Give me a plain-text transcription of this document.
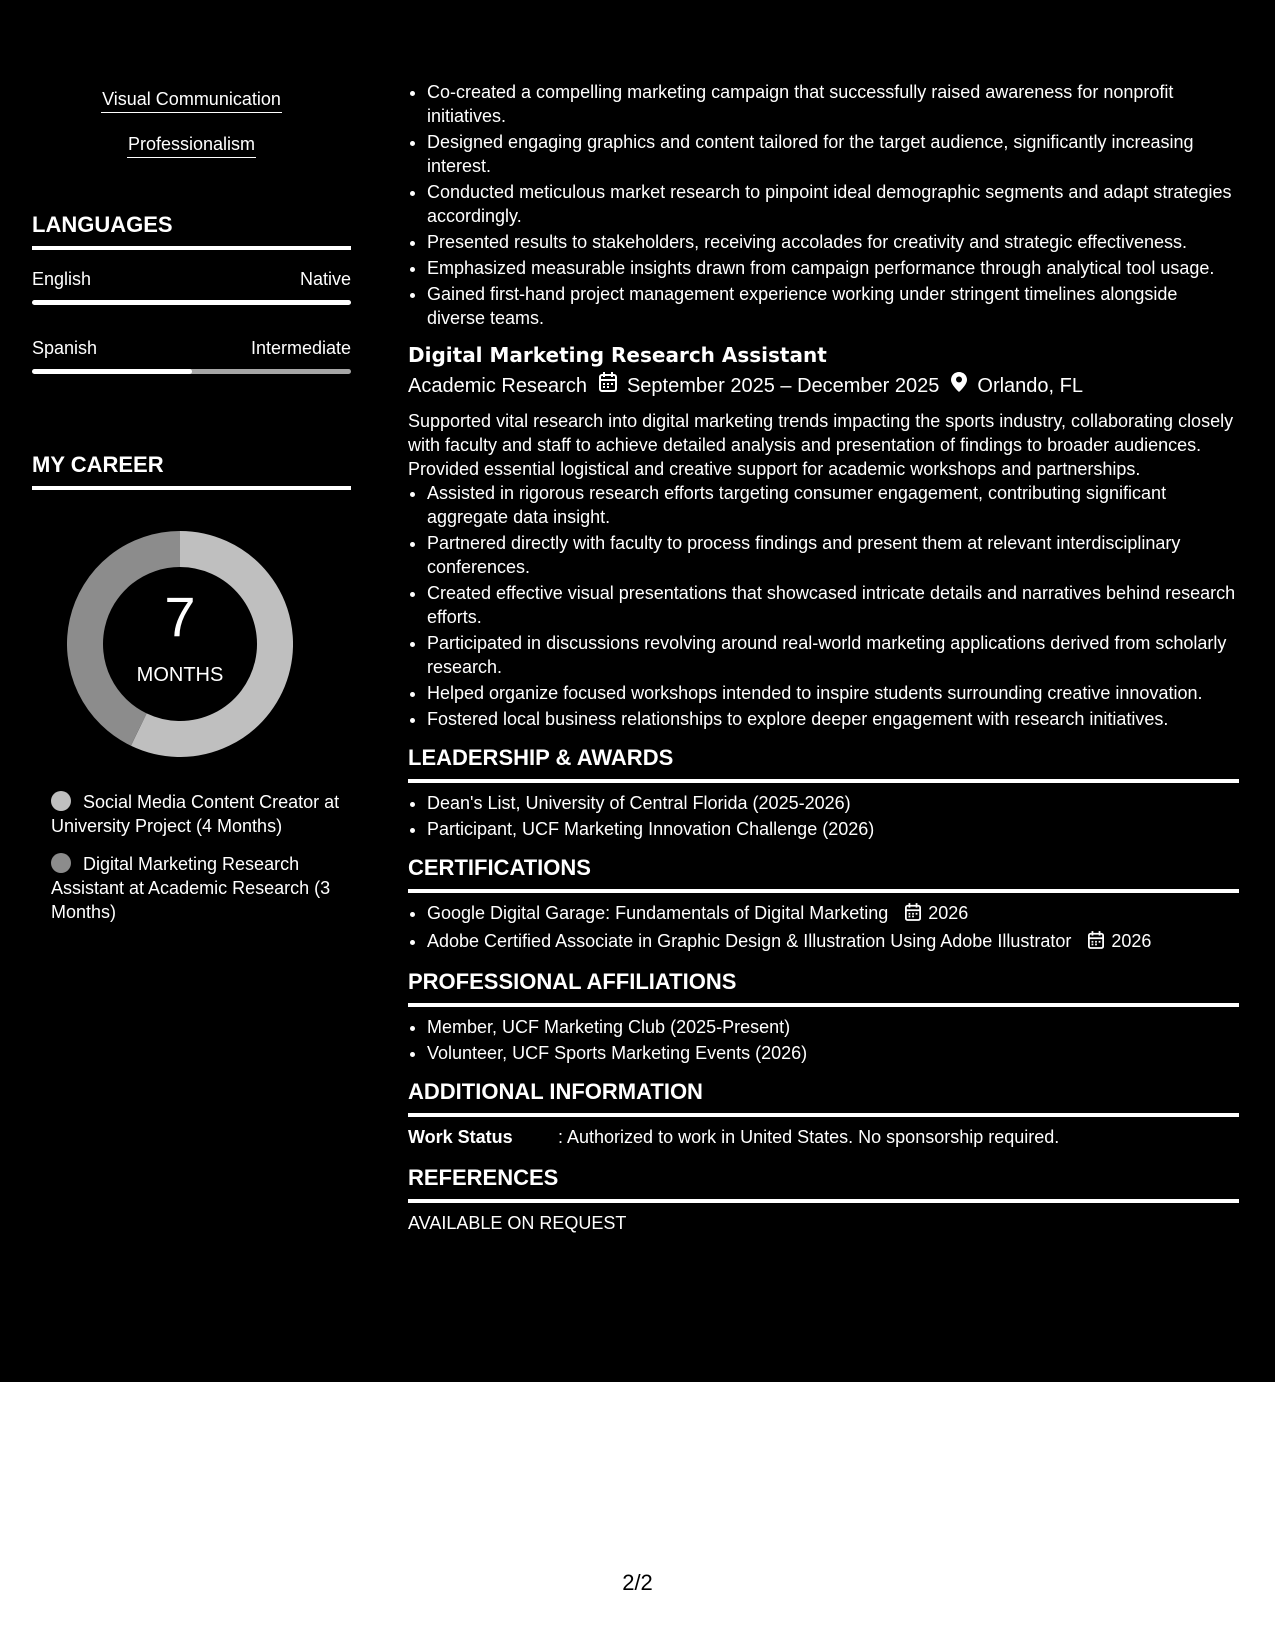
Visual Communication
Professionalism
LANGUAGES
English	Native
Spanish	Intermediate
MY CAREER
7
MONTHS
Social Media Content Creator at University Project (4 Months)
Digital Marketing Research Assistant at Academic Research (3 Months)
• Co-created a compelling marketing campaign that successfully raised awareness for nonprofit initiatives.
• Designed engaging graphics and content tailored for the target audience, significantly increasing interest.
• Conducted meticulous market research to pinpoint ideal demographic segments and adapt strategies accordingly.
• Presented results to stakeholders, receiving accolades for creativity and strategic effectiveness.
• Emphasized measurable insights drawn from campaign performance through analytical tool usage.
• Gained first-hand project management experience working under stringent timelines alongside diverse teams.
Digital Marketing Research Assistant
Academic Research September 2025 – December 2025 Orlando, FL
Supported vital research into digital marketing trends impacting the sports industry, collaborating closely with faculty and staff to achieve detailed analysis and presentation of findings to broader audiences. Provided essential logistical and creative support for academic workshops and partnerships.
• Assisted in rigorous research efforts targeting consumer engagement, contributing significant aggregate data insight.
• Partnered directly with faculty to process findings and present them at relevant interdisciplinary conferences.
• Created effective visual presentations that showcased intricate details and narratives behind research efforts.
• Participated in discussions revolving around real-world marketing applications derived from scholarly research.
• Helped organize focused workshops intended to inspire students surrounding creative innovation.
• Fostered local business relationships to explore deeper engagement with research initiatives.
LEADERSHIP & AWARDS
• Dean's List, University of Central Florida (2025-2026)
• Participant, UCF Marketing Innovation Challenge (2026)
CERTIFICATIONS
• Google Digital Garage: Fundamentals of Digital Marketing 2026
• Adobe Certified Associate in Graphic Design & Illustration Using Adobe Illustrator 2026
PROFESSIONAL AFFILIATIONS
• Member, UCF Marketing Club (2025-Present)
• Volunteer, UCF Sports Marketing Events (2026)
ADDITIONAL INFORMATION
Work Status	: Authorized to work in United States. No sponsorship required.
REFERENCES
AVAILABLE ON REQUEST
2/2
